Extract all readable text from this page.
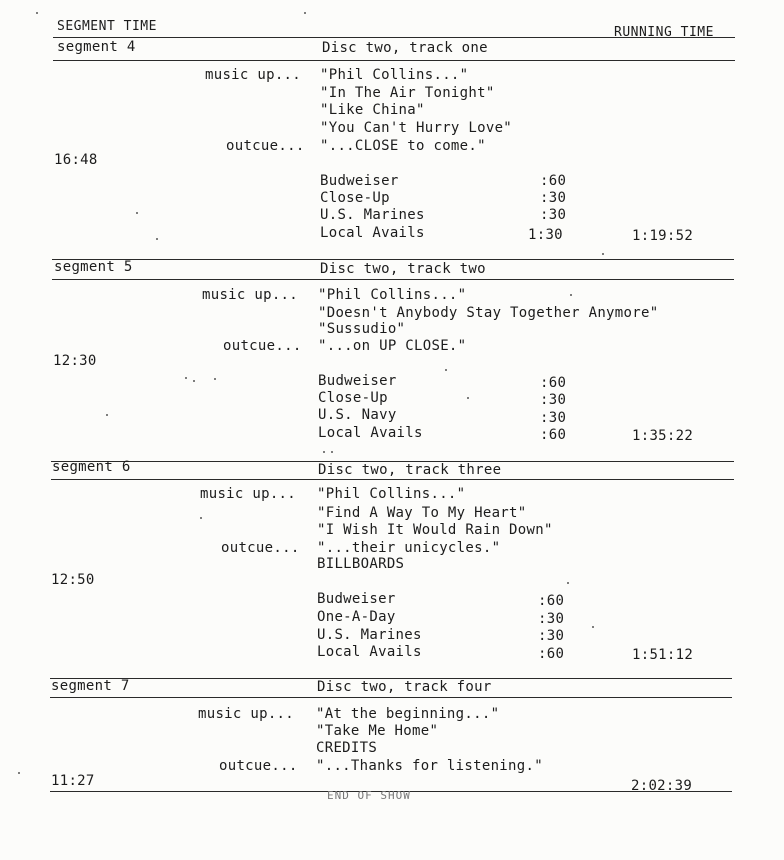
SEGMENT TIME	RUNNING TIME
segment 4	Disc two, track one
music up... "Phil Collins..."
"In The Air Tonight"
"Like China"
"You Can't Hurry Love"
outcue... "...CLOSE to come."
16:48
Budweiser	:60
Close-Up	:30
U.S. Marines	:30
Local Avails	1:30	1:19:52
segment 5	Disc two, track two
music up... "Phil Collins..."
"Doesn't Anybody Stay Together Anymore"
"Sussudio"
outcue... "...on UP CLOSE."
12:30
Budweiser	:60
Close-Up	:30
U.S. Navy	:30
Local Avails	:60	1:35:22
segment 6	Disc two, track three
music up... "Phil Collins..."
"Find A Way To My Heart"
"I Wish It Would Rain Down"
outcue... "...their unicycles."
BILLBOARDS
12:50
Budweiser	:60
One-A-Day	:30
U.S. Marines	:30
Local Avails	:60	1:51:12
segment 7	Disc two, track four
music up... "At the beginning..."
"Take Me Home"
CREDITS
outcue... "...Thanks for listening."
11:27	2:02:39
END OF SHOW
